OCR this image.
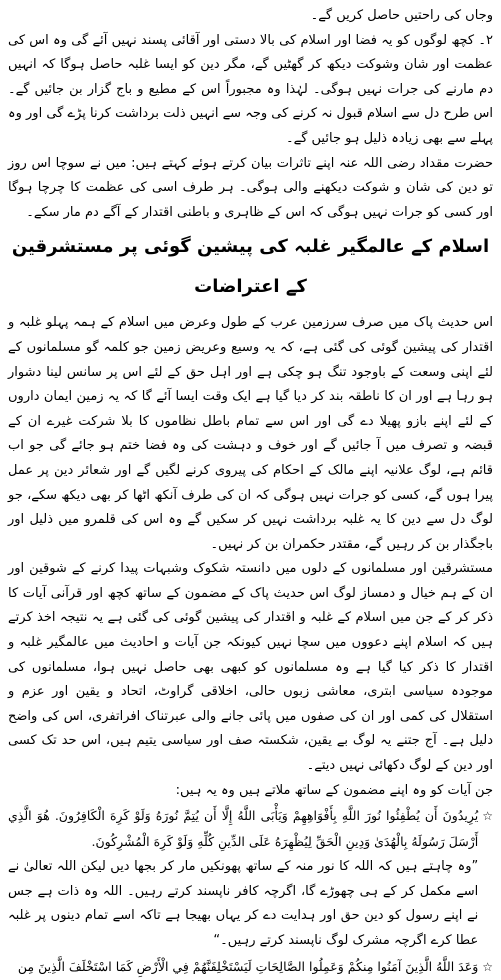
وجاں کی راحتیں حاصل کریں گے۔

۲۔ کچھ لوگوں کو یہ فضا اور اسلام کی بالا دستی اور آقائی پسند نہیں آئے گی وہ اس کی عظمت اور شان وشوکت دیکھ کر گھٹیں گے، مگر دین کو ایسا غلبہ حاصل ہوگا کہ انہیں دم مارنے کی جرات نہیں ہوگی۔ لہٰذا وہ مجبوراً اس کے مطیع و باج گزار بن جائیں گے۔ اس طرح دل سے اسلام قبول نہ کرنے کی وجہ سے انہیں ذلت برداشت کرنا پڑے گی اور وہ پہلے سے بھی زیادہ ذلیل ہو جائیں گے۔

حضرت مقداد رضی اللہ عنہ اپنے تاثرات بیان کرتے ہوئے کہتے ہیں: میں نے سوچا اس روز تو دین کی شان و شوکت دیکھنے والی ہوگی۔ ہر طرف اسی کی عظمت کا چرچا ہوگا اور کسی کو جرات نہیں ہوگی کہ اس کے ظاہری و باطنی اقتدار کے آگے دم مار سکے۔

اسلام کے عالمگیر غلبہ کی پیشین گوئی پر مستشرقین کے اعتراضات

اس حدیث پاک میں صرف سرزمین عرب کے طول وعرض میں اسلام کے ہمہ پہلو غلبہ و اقتدار کی پیشین گوئی کی گئی ہے، کہ یہ وسیع وعریض زمین جو کلمہ گو مسلمانوں کے لئے اپنی وسعت کے باوجود تنگ ہو چکی ہے اور اہل حق کے لئے اس پر سانس لینا دشوار ہو رہا ہے اور ان کا ناطقہ بند کر دیا گیا ہے ایک وقت ایسا آئے گا کہ یہ زمین ایمان داروں کے لئے اپنے بازو پھیلا دے گی اور اس سے تمام باطل نظاموں کا بلا شرکت غیرے ان کے قبضہ و تصرف میں آ جائیں گے اور خوف و دہشت کی وہ فضا ختم ہو جائے گی جو اب قائم ہے، لوگ علانیہ اپنے مالک کے احکام کی پیروی کرنے لگیں گے اور شعائر دین پر عمل پیرا ہوں گے، کسی کو جرات نہیں ہوگی کہ ان کی طرف آنکھ اٹھا کر بھی دیکھ سکے، جو لوگ دل سے دین کا یہ غلبہ برداشت نہیں کر سکیں گے وہ اس کی قلمرو میں ذلیل اور باجگذار بن کر رہیں گے، مقتدر حکمران بن کر نہیں۔

مستشرقین اور مسلمانوں کے دلوں میں دانستہ شکوک وشبہات پیدا کرنے کے شوقین اور ان کے ہم خیال و دمساز لوگ اس حدیث پاک کے مضمون کے ساتھ کچھ اور قرآنی آیات کا ذکر کر کے جن میں اسلام کے غلبہ و اقتدار کی پیشین گوئی کی گئی ہے یہ نتیجہ اخذ کرتے ہیں کہ اسلام اپنے دعووں میں سچا نہیں کیونکہ جن آیات و احادیث میں عالمگیر غلبہ و اقتدار کا ذکر کیا گیا ہے وہ مسلمانوں کو کبھی بھی حاصل نہیں ہوا، مسلمانوں کی موجودہ سیاسی ابتری، معاشی زبوں حالی، اخلاقی گراوٹ، اتحاد و یقین اور عزم و استقلال کی کمی اور ان کی صفوں میں پائی جانے والی عبرتناک افراتفری، اس کی واضح دلیل ہے۔ آج جتنے یہ لوگ بے یقین، شکستہ صف اور سیاسی یتیم ہیں، اس حد تک کسی اور دین کے لوگ دکھائی نہیں دیتے۔

جن آیات کو وہ اپنے مضمون کے ساتھ ملاتے ہیں وہ یہ ہیں:

☆

يُرِيدُونَ أَن يُطْفِئُوا نُورَ اللَّهِ بِأَفْوَاهِهِمْ وَيَأْبَى اللَّهُ إِلَّا أَن يُتِمَّ نُورَهُ وَلَوْ كَرِهَ الْكَافِرُونَ. هُوَ الَّذِي أَرْسَلَ رَسُولَهُ بِالْهُدَىٰ وَدِينِ الْحَقِّ لِيُظْهِرَهُ عَلَى الدِّينِ كُلِّهِ وَلَوْ كَرِهَ الْمُشْرِكُونَ.

”وہ چاہتے ہیں کہ اللہ کا نور منہ کے ساتھ پھونکیں مار کر بجھا دیں لیکن اللہ تعالیٰ نے اسے مکمل کر کے ہی چھوڑے گا، اگرچہ کافر ناپسند کرتے رہیں۔ اللہ وہ ذات ہے جس نے اپنے رسول کو دین حق اور ہدایت دے کر یہاں بھیجا ہے تاکہ اسے تمام دینوں پر غلبہ عطا کرے اگرچہ مشرک لوگ ناپسند کرتے رہیں۔“

☆

وَعَدَ اللَّهُ الَّذِينَ آمَنُوا مِنكُمْ وَعَمِلُوا الصَّالِحَاتِ لَيَسْتَخْلِفَنَّهُمْ فِي الْأَرْضِ كَمَا اسْتَخْلَفَ الَّذِينَ مِن
